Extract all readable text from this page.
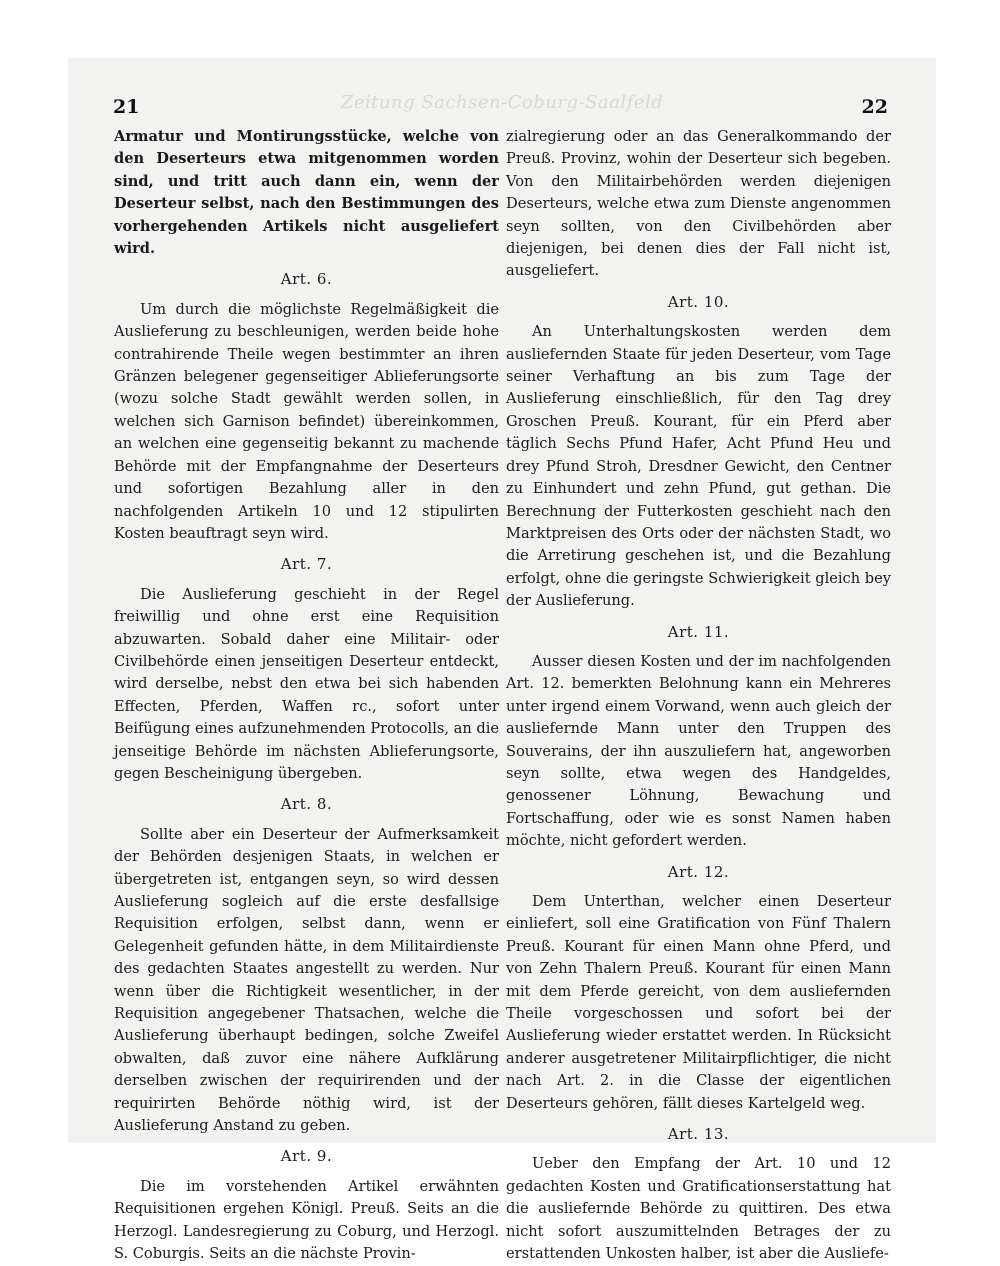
21	Zeitung Sachsen-Coburg-Saalfeld	22

Armatur und Montirungsstücke, welche von den Deserteurs etwa mitgenommen worden sind, und tritt auch dann ein, wenn der Deserteur selbst, nach den Bestimmungen des vorhergehenden Artikels nicht ausgeliefert wird.

Art. 6.

Um durch die möglichste Regelmäßigkeit die Auslieferung zu beschleunigen, werden beide hohe contrahirende Theile wegen bestimmter an ihren Gränzen belegener gegenseitiger Ablieferungsorte (wozu solche Stadt gewählt werden sollen, in welchen sich Garnison befindet) übereinkommen, an welchen eine gegenseitig bekannt zu machende Behörde mit der Empfangnahme der Deserteurs und sofortigen Bezahlung aller in den nachfolgenden Artikeln 10 und 12 stipulirten Kosten beauftragt seyn wird.

Art. 7.

Die Auslieferung geschieht in der Regel freiwillig und ohne erst eine Requisition abzuwarten. Sobald daher eine Militair- oder Civilbehörde einen jenseitigen Deserteur entdeckt, wird derselbe, nebst den etwa bei sich habenden Effecten, Pferden, Waffen rc., sofort unter Beifügung eines aufzunehmenden Protocolls, an die jenseitige Behörde im nächsten Ablieferungsorte, gegen Bescheinigung übergeben.

Art. 8.

Sollte aber ein Deserteur der Aufmerksamkeit der Behörden desjenigen Staats, in welchen er übergetreten ist, entgangen seyn, so wird dessen Auslieferung sogleich auf die erste desfallsige Requisition erfolgen, selbst dann, wenn er Gelegenheit gefunden hätte, in dem Militairdienste des gedachten Staates angestellt zu werden. Nur wenn über die Richtigkeit wesentlicher, in der Requisition angegebener Thatsachen, welche die Auslieferung überhaupt bedingen, solche Zweifel obwalten, daß zuvor eine nähere Aufklärung derselben zwischen der requirirenden und der requirirten Behörde nöthig wird, ist der Auslieferung Anstand zu geben.

Art. 9.

Die im vorstehenden Artikel erwähnten Requisitionen ergehen Königl. Preuß. Seits an die Herzogl. Landesregierung zu Coburg, und Herzogl. S. Coburgis. Seits an die nächste Provin-

zialregierung oder an das Generalkommando der Preuß. Provinz, wohin der Deserteur sich begeben. Von den Militairbehörden werden diejenigen Deserteurs, welche etwa zum Dienste angenommen seyn sollten, von den Civilbehörden aber diejenigen, bei denen dies der Fall nicht ist, ausgeliefert.

Art. 10.

An Unterhaltungskosten werden dem ausliefernden Staate für jeden Deserteur, vom Tage seiner Verhaftung an bis zum Tage der Auslieferung einschließlich, für den Tag drey Groschen Preuß. Kourant, für ein Pferd aber täglich Sechs Pfund Hafer, Acht Pfund Heu und drey Pfund Stroh, Dresdner Gewicht, den Centner zu Einhundert und zehn Pfund, gut gethan. Die Berechnung der Futterkosten geschieht nach den Marktpreisen des Orts oder der nächsten Stadt, wo die Arretirung geschehen ist, und die Bezahlung erfolgt, ohne die geringste Schwierigkeit gleich bey der Auslieferung.

Art. 11.

Ausser diesen Kosten und der im nachfolgenden Art. 12. bemerkten Belohnung kann ein Mehreres unter irgend einem Vorwand, wenn auch gleich der ausliefernde Mann unter den Truppen des Souverains, der ihn auszuliefern hat, angeworben seyn sollte, etwa wegen des Handgeldes, genossener Löhnung, Bewachung und Fortschaffung, oder wie es sonst Namen haben möchte, nicht gefordert werden.

Art. 12.

Dem Unterthan, welcher einen Deserteur einliefert, soll eine Gratification von Fünf Thalern Preuß. Kourant für einen Mann ohne Pferd, und von Zehn Thalern Preuß. Kourant für einen Mann mit dem Pferde gereicht, von dem ausliefernden Theile vorgeschossen und sofort bei der Auslieferung wieder erstattet werden. In Rücksicht anderer ausgetretener Militairpflichtiger, die nicht nach Art. 2. in die Classe der eigentlichen Deserteurs gehören, fällt dieses Kartelgeld weg.

Art. 13.

Ueber den Empfang der Art. 10 und 12 gedachten Kosten und Gratificationserstattung hat die ausliefernde Behörde zu quittiren. Des etwa nicht sofort auszumittelnden Betrages der zu erstattenden Unkosten halber, ist aber die Ausliefe-
